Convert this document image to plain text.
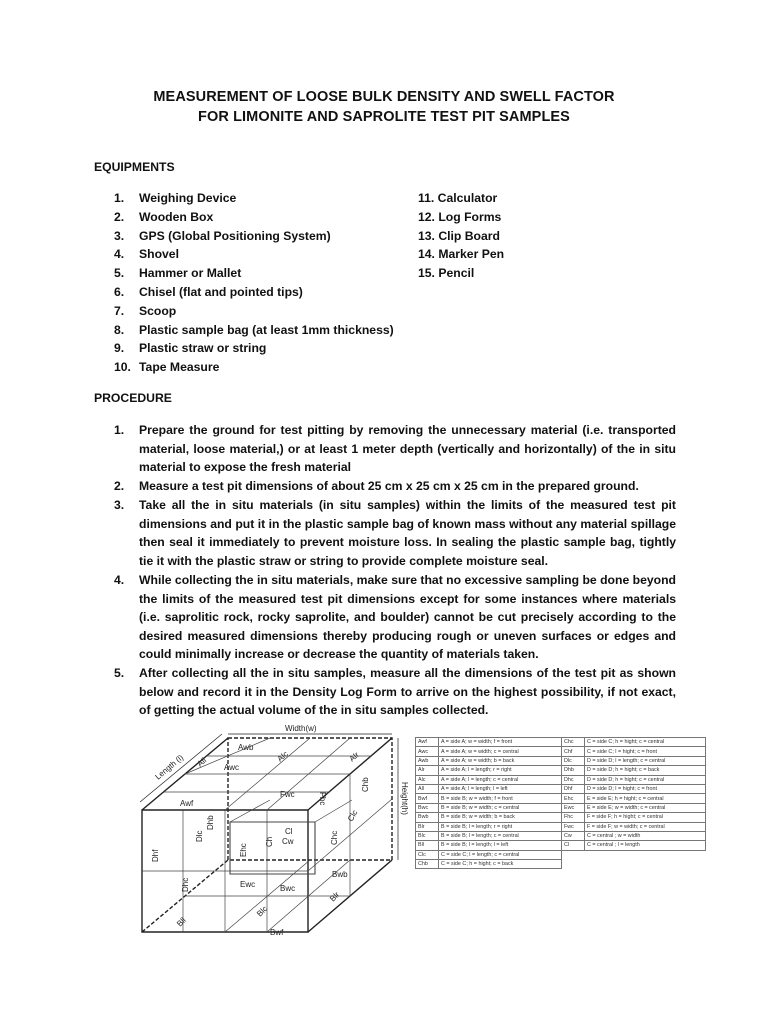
MEASUREMENT OF LOOSE BULK DENSITY AND SWELL FACTOR
FOR LIMONITE AND SAPROLITE TEST PIT SAMPLES
EQUIPMENTS
1. Weighing Device
2. Wooden Box
3. GPS (Global Positioning System)
4. Shovel
5. Hammer or Mallet
6. Chisel (flat and pointed tips)
7. Scoop
8. Plastic sample bag (at least 1mm thickness)
9. Plastic straw or string
10. Tape Measure
11. Calculator
12. Log Forms
13. Clip Board
14. Marker Pen
15. Pencil
PROCEDURE
1. Prepare the ground for test pitting by removing the unnecessary material (i.e. transported material, loose material,) or at least 1 meter depth (vertically and horizontally) of the in situ material to expose the fresh material
2. Measure a test pit dimensions of about 25 cm x 25 cm x 25 cm in the prepared ground.
3. Take all the in situ materials (in situ samples) within the limits of the measured test pit dimensions and put it in the plastic sample bag of known mass without any material spillage then seal it immediately to prevent moisture loss. In sealing the plastic sample bag, tightly tie it with the plastic straw or string to provide complete moisture seal.
4. While collecting the in situ materials, make sure that no excessive sampling be done beyond the limits of the measured test pit dimensions except for some instances where materials (i.e. saprolitic rock, rocky saprolite, and boulder) cannot be cut precisely according to the desired measured dimensions thereby producing rough or uneven surfaces or edges and could minimally increase or decrease the quantity of materials taken.
5. After collecting all the in situ samples, measure all the dimensions of the test pit as shown below and record it in the Density Log Form to arrive on the highest possibility, if not exact, of getting the actual volume of the in situ samples collected.
Width(w)
Length (l)
Height(h)
Awb
Awc
All	Alc	Alr
Awf
Fwc	Fhc
Chb
Dhf
Dlc
Dhb
Dhc
Ehc
Ch
Cl
Cw	Chc
Clc
Ewc
Bwb
Bwc
Bll
Blc
Blr
Bwf
Awf	A = side A; w = width; f = front	Chc	C = side C; h = hight; c = central
Awc	A = side A; w = width; c = central	Chf	C = side C; l = hight; c = front
Awb	A = side A; w = width; b = back	Dlc	D = side D; l = length; c = central
Alr	A = side A; l = length; r = right	Dhb	D = side D; h = hight; c = back
Alc	A = side A; l = length; c = central	Dhc	D = side D; h = hight; c = central
All	A = side A; l = length; l = left	Dhf	D = side D; l = hight; c = front
Bwf	B = side B; w = width; f = front	Ehc	E = side E; h = hight; c = central
Bwc	B = side B; w = width; c = central	Ewc	E = side E; w = width; c = central
Bwb	B = side B; w = width; b = back	Fhc	F = side F; h = hight; c = central
Blr	B = side B; l = length; r = right	Fwc	F = side F; w = width; c = central
Blc	B = side B; l = length; c = central	Cw	C = central ; w = width
Bll	B = side B; l = length; l = left	Cl	C = central ; l = length
Clc	C = side C; l = length; c = central		
Chb	C = side C; h = hight; c = back		
